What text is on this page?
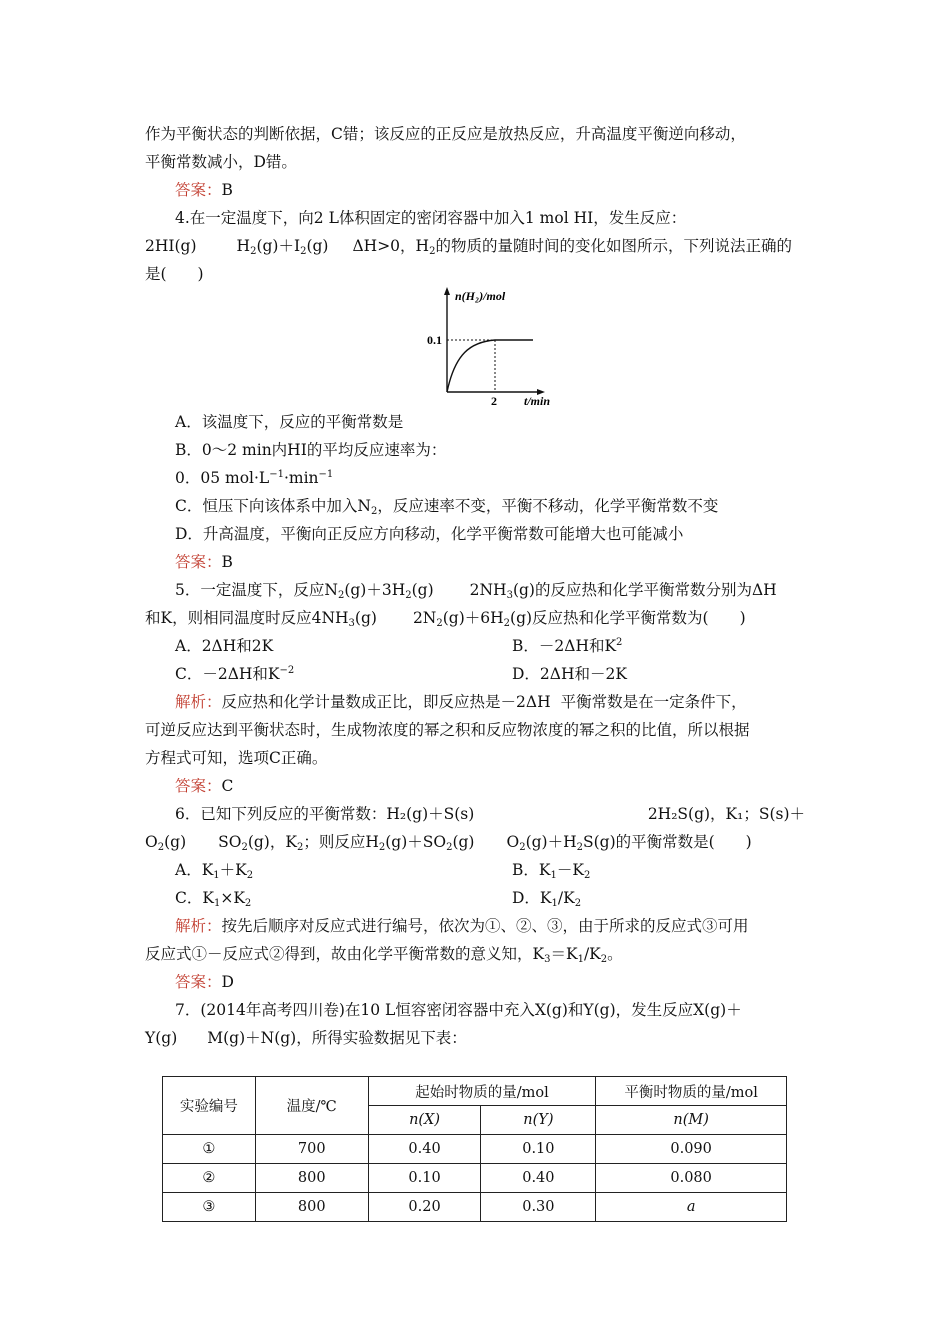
作为平衡状态的判断依据，C错；该反应的正反应是放热反应，升高温度平衡逆向移动，
平衡常数减小，D错。
答案：B
4.在一定温度下，向2 L体积固定的密闭容器中加入1 mol HI，发生反应：
2HI(g)	$H_2(g)+I_2(g)$ ΔH>0，$H_2$的物质的量随时间的变化如图所示，下列说法正确的
是(　　)
n(H₂)/mol
0.1
2 t/min
A．该温度下，反应的平衡常数是
B．0～2 min内HI的平均反应速率为：
0．05 $mol\cdot L^{-1}\cdot\min^{-1}$
C．恒压下向该体系中加入$N_2$，反应速率不变，平衡不移动，化学平衡常数不变
D．升高温度，平衡向正反应方向移动，化学平衡常数可能增大也可能减小
答案：B
5．一定温度下，反应$N_2(g)+3H_2(g)$ $2NH_3(g)$的反应热和化学平衡常数分别为ΔH
和K，则相同温度时反应$4NH_3(g)$ $2N_2(g)+6H_2(g)$反应热和化学平衡常数为(　　)
A．2ΔH和2K	B．－2ΔH和$K^2$
C．－2ΔH和$K^{-2}$	D．2ΔH和－2K
解析：反应热和化学计量数成正比，即反应热是－2ΔH 平衡常数是在一定条件下，
可逆反应达到平衡状态时，生成物浓度的幂之积和反应物浓度的幂之积的比值，所以根据
方程式可知，选项C正确。
答案：C
6．已知下列反应的平衡常数：H₂(g)＋S(s)	2H₂S(g)，K₁；S(s)＋
$O_2(g)$ $SO_2(g)$，$K_2$；则反应$H_2(g)+SO_2(g)$ $O_2(g)+H_2S(g)$的平衡常数是(　　)
A．$K_1+K_2$	B．$K_1-K_2$
C．$K_1\times K_2$	D．$K_1/K_2$
解析：按先后顺序对反应式进行编号，依次为①、②、③，由于所求的反应式③可用
反应式①－反应式②得到，故由化学平衡常数的意义知，$K_3=K_1/K_2$。
答案：D
7．(2014年高考四川卷)在10 L恒容密闭容器中充入X(g)和Y(g)，发生反应X(g)＋
Y(g) M(g)＋N(g)，所得实验数据见下表：
实验编号	温度/℃	起始时物质的量/mol		平衡时物质的量/mol
		n(X)	n(Y)	n(M)
①	700	0.40	0.10	0.090
②	800	0.10	0.40	0.080
③	800	0.20	0.30	a
